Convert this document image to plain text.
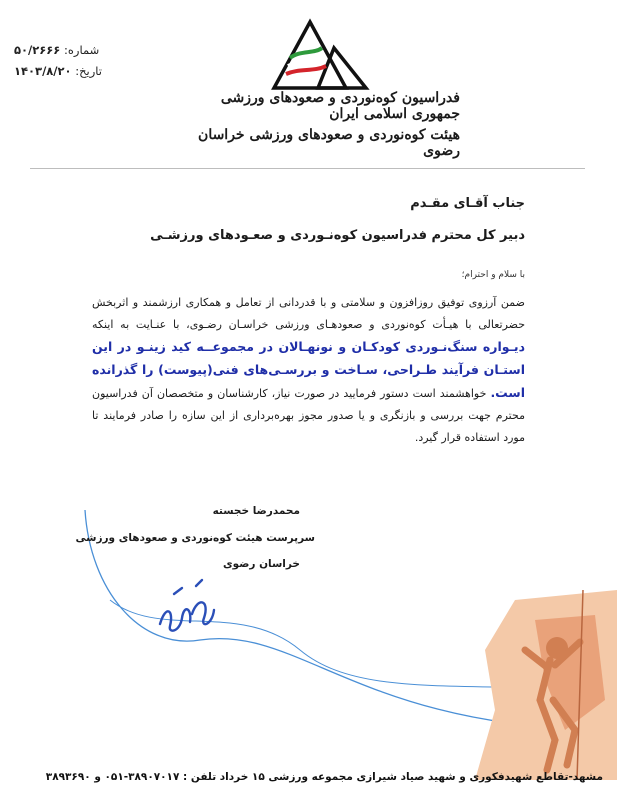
شماره: ۵۰/۲۶۶۶
تاریخ: ۱۴۰۳/۸/۲۰
فدراسیون کوه‌نوردی و صعودهای ورزشی جمهوری اسلامی ایران
هیئت کوه‌نوردی و صعودهای ورزشی خراسان رضوی
جناب آقـای مقـدم
دبیر کل محترم فدراسیون کوه‌نـوردی و صعـودهای ورزشـی
با سلام و احترام؛
ضمن آرزوی توفیق روزافزون و سلامتی و با قدردانی از تعامل و همکاری ارزشمند و اثربخش حضرتعالی با هیـأت کوه‌نوردی و صعودهـای ورزشی خراسـان رضـوی، با عنـایت به اینکه دیـواره سنگ‌نـوردی کودکـان و نونهـالان در مجموعــه کید زینـو در این استـان فرآیند طـراحی، سـاخت و بررسـی‌های فنی(پیوست) را گذرانده است. خواهشمند است دستور فرمایید در صورت نیاز، کارشناسان و متخصصان آن فدراسیون محترم جهت بررسی و بازنگری و یا صدور مجوز بهره‌برداری از این سازه را صادر فرمایند تا مورد استفاده قرار گیرد.
محمدرضا خجسته
سرپرست هیئت کوه‌نوردی و صعودهای ورزشی
خراسان رضوی
مشهد-تقاطع شهیدفکوری و شهید صیاد شیرازی مجموعه ورزشی ۱۵ خرداد تلفن : ۳۸۹۰۷۰۱۷-۰۵۱ و ۳۸۹۳۶۹۰
